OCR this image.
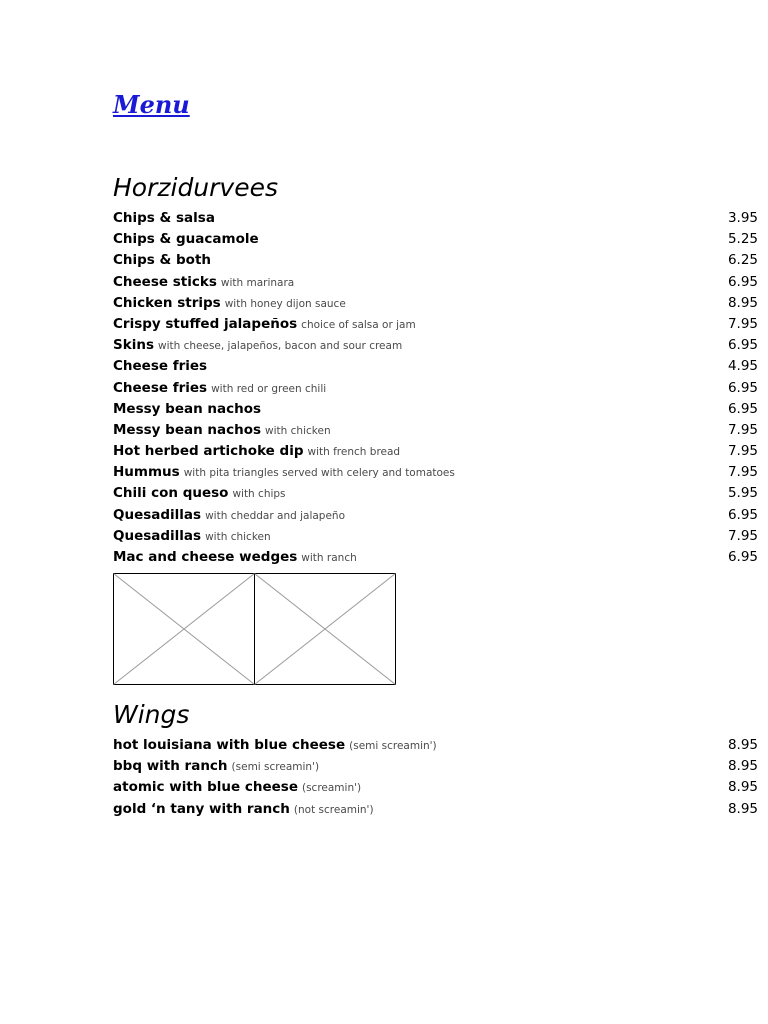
Menu
Horzidurvees
Chips & salsa	3.95
Chips & guacamole	5.25
Chips & both	6.25
Cheese sticks with marinara	6.95
Chicken strips with honey dijon sauce	8.95
Crispy stuffed jalapeños choice of salsa or jam	7.95
Skins with cheese, jalapeños, bacon and sour cream	6.95
Cheese fries	4.95
Cheese fries with red or green chili	6.95
Messy bean nachos	6.95
Messy bean nachos with chicken	7.95
Hot herbed artichoke dip with french bread	7.95
Hummus with pita triangles served with celery and tomatoes	7.95
Chili con queso with chips	5.95
Quesadillas with cheddar and jalapeño	6.95
Quesadillas with chicken	7.95
Mac and cheese wedges with ranch	6.95
Wings
hot louisiana with blue cheese (semi screamin')	8.95
bbq with ranch (semi screamin')	8.95
atomic with blue cheese (screamin')	8.95
gold ‘n tany with ranch (not screamin')	8.95
